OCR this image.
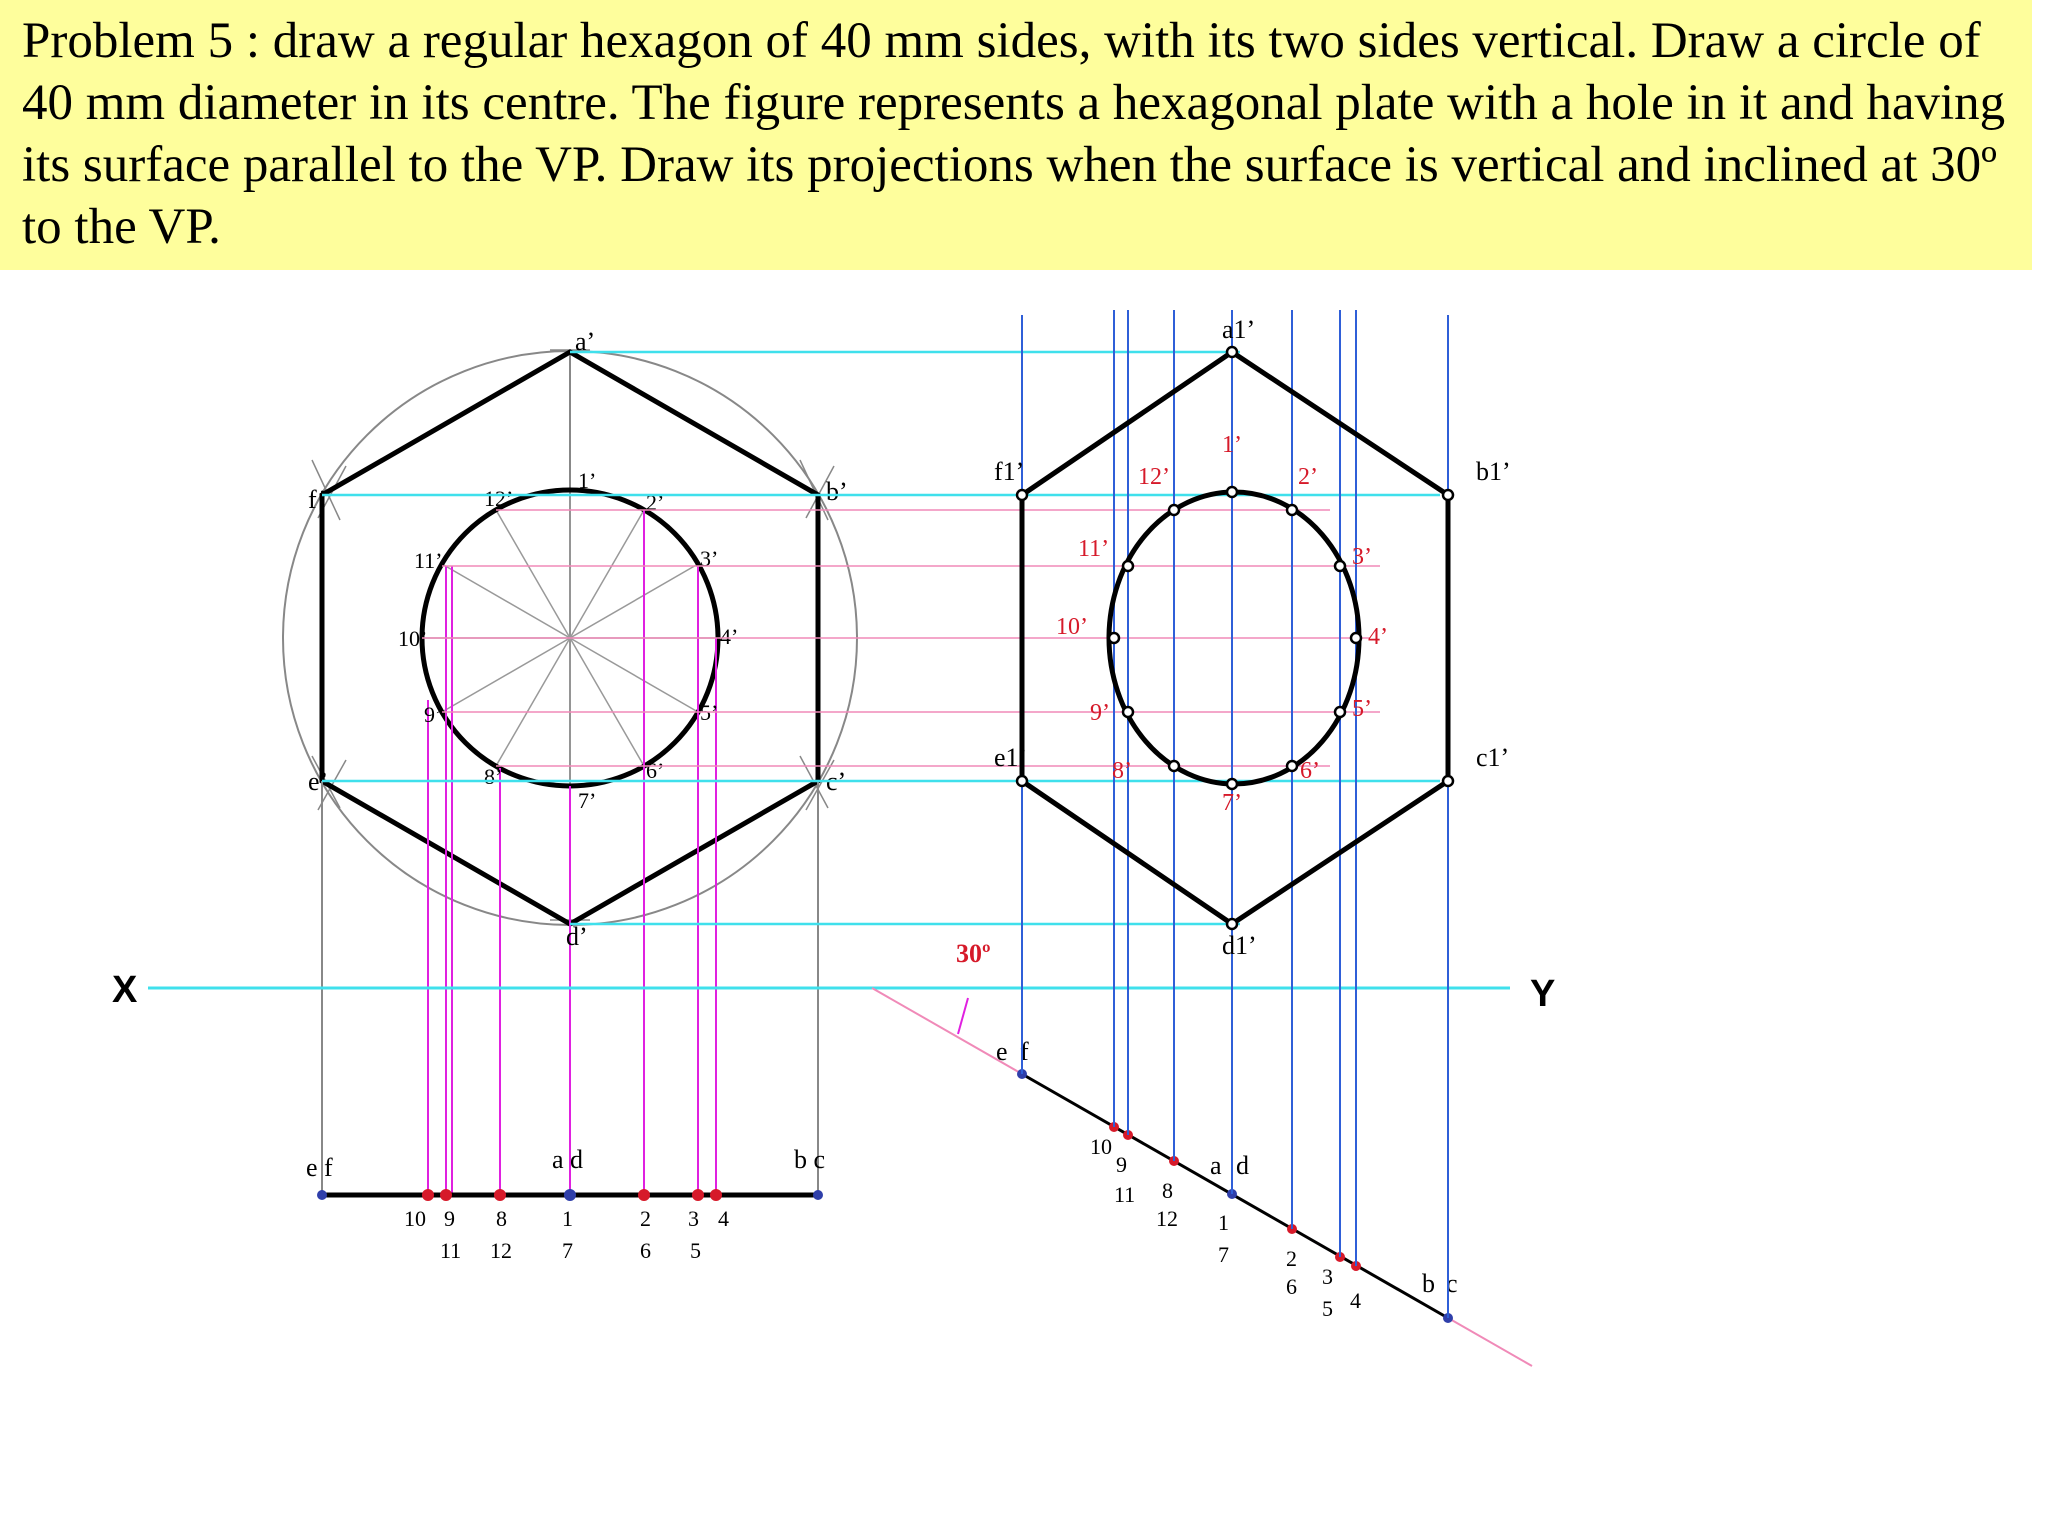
Problem 5 : draw a regular hexagon of 40 mm sides, with its two sides vertical. Draw a circle of 40 mm diameter in its centre. The figure represents a hexagonal plate with a hole in it and having its surface parallel to the VP. Draw its projections when the surface is vertical and inclined at 30º to the VP.

a’
b’
c’
d’
e’
f’
1’
2’
3’
4’
5’
6’
7’
8’
9’
10’
11’
12’
X	Y
e f	a d	b c
10 9 8	1	2 3 4
11 12 7	6 5
30º
e f
10
9
11 8
12
a d
1
7	2
6 3
5 4
b c
a1’
b1’
c1’
d1’
e1’
f1’
1’
2’
3’
4’
5’
6’
7’
8’
9’
10’
11’
12’
